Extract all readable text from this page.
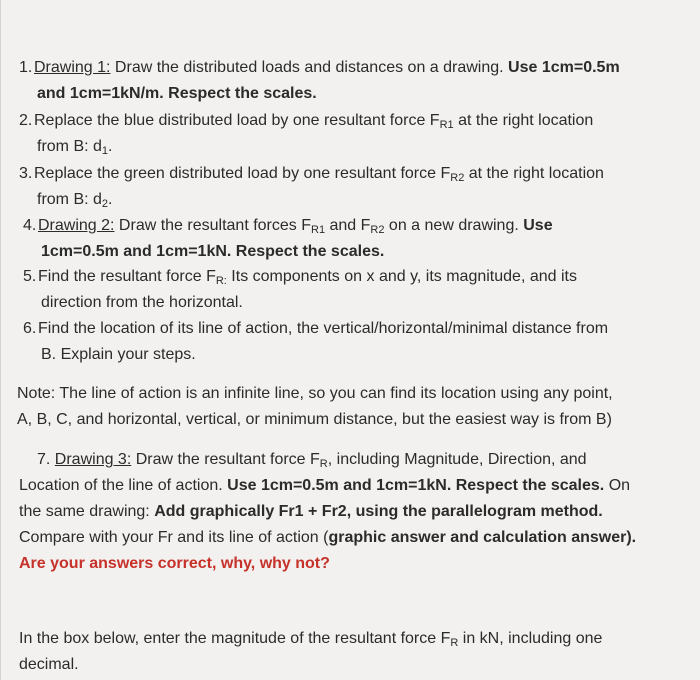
1. Drawing 1: Draw the distributed loads and distances on a drawing. Use 1cm=0.5m
and 1cm=1kN/m. Respect the scales.
2. Replace the blue distributed load by one resultant force $F_{R1}$ at the right location
from B: $d_1$.
3. Replace the green distributed load by one resultant force $F_{R2}$ at the right location
from B: $d_2$.
4. Drawing 2: Draw the resultant forces $F_{R1}$ and $F_{R2}$ on a new drawing. Use
1cm=0.5m and 1cm=1kN. Respect the scales.
5. Find the resultant force $F_{R:}$ Its components on x and y, its magnitude, and its
direction from the horizontal.
6. Find the location of its line of action, the vertical/horizontal/minimal distance from
B. Explain your steps.
Note: The line of action is an infinite line, so you can find its location using any point,
A, B, C, and horizontal, vertical, or minimum distance, but the easiest way is from B)
7. Drawing 3: Draw the resultant force $F_R$, including Magnitude, Direction, and
Location of the line of action. Use 1cm=0.5m and 1cm=1kN. Respect the scales. On
the same drawing: Add graphically Fr1 + Fr2, using the parallelogram method.
Compare with your Fr and its line of action (graphic answer and calculation answer).
Are your answers correct, why, why not?
In the box below, enter the magnitude of the resultant force $F_R$ in kN, including one
decimal.
